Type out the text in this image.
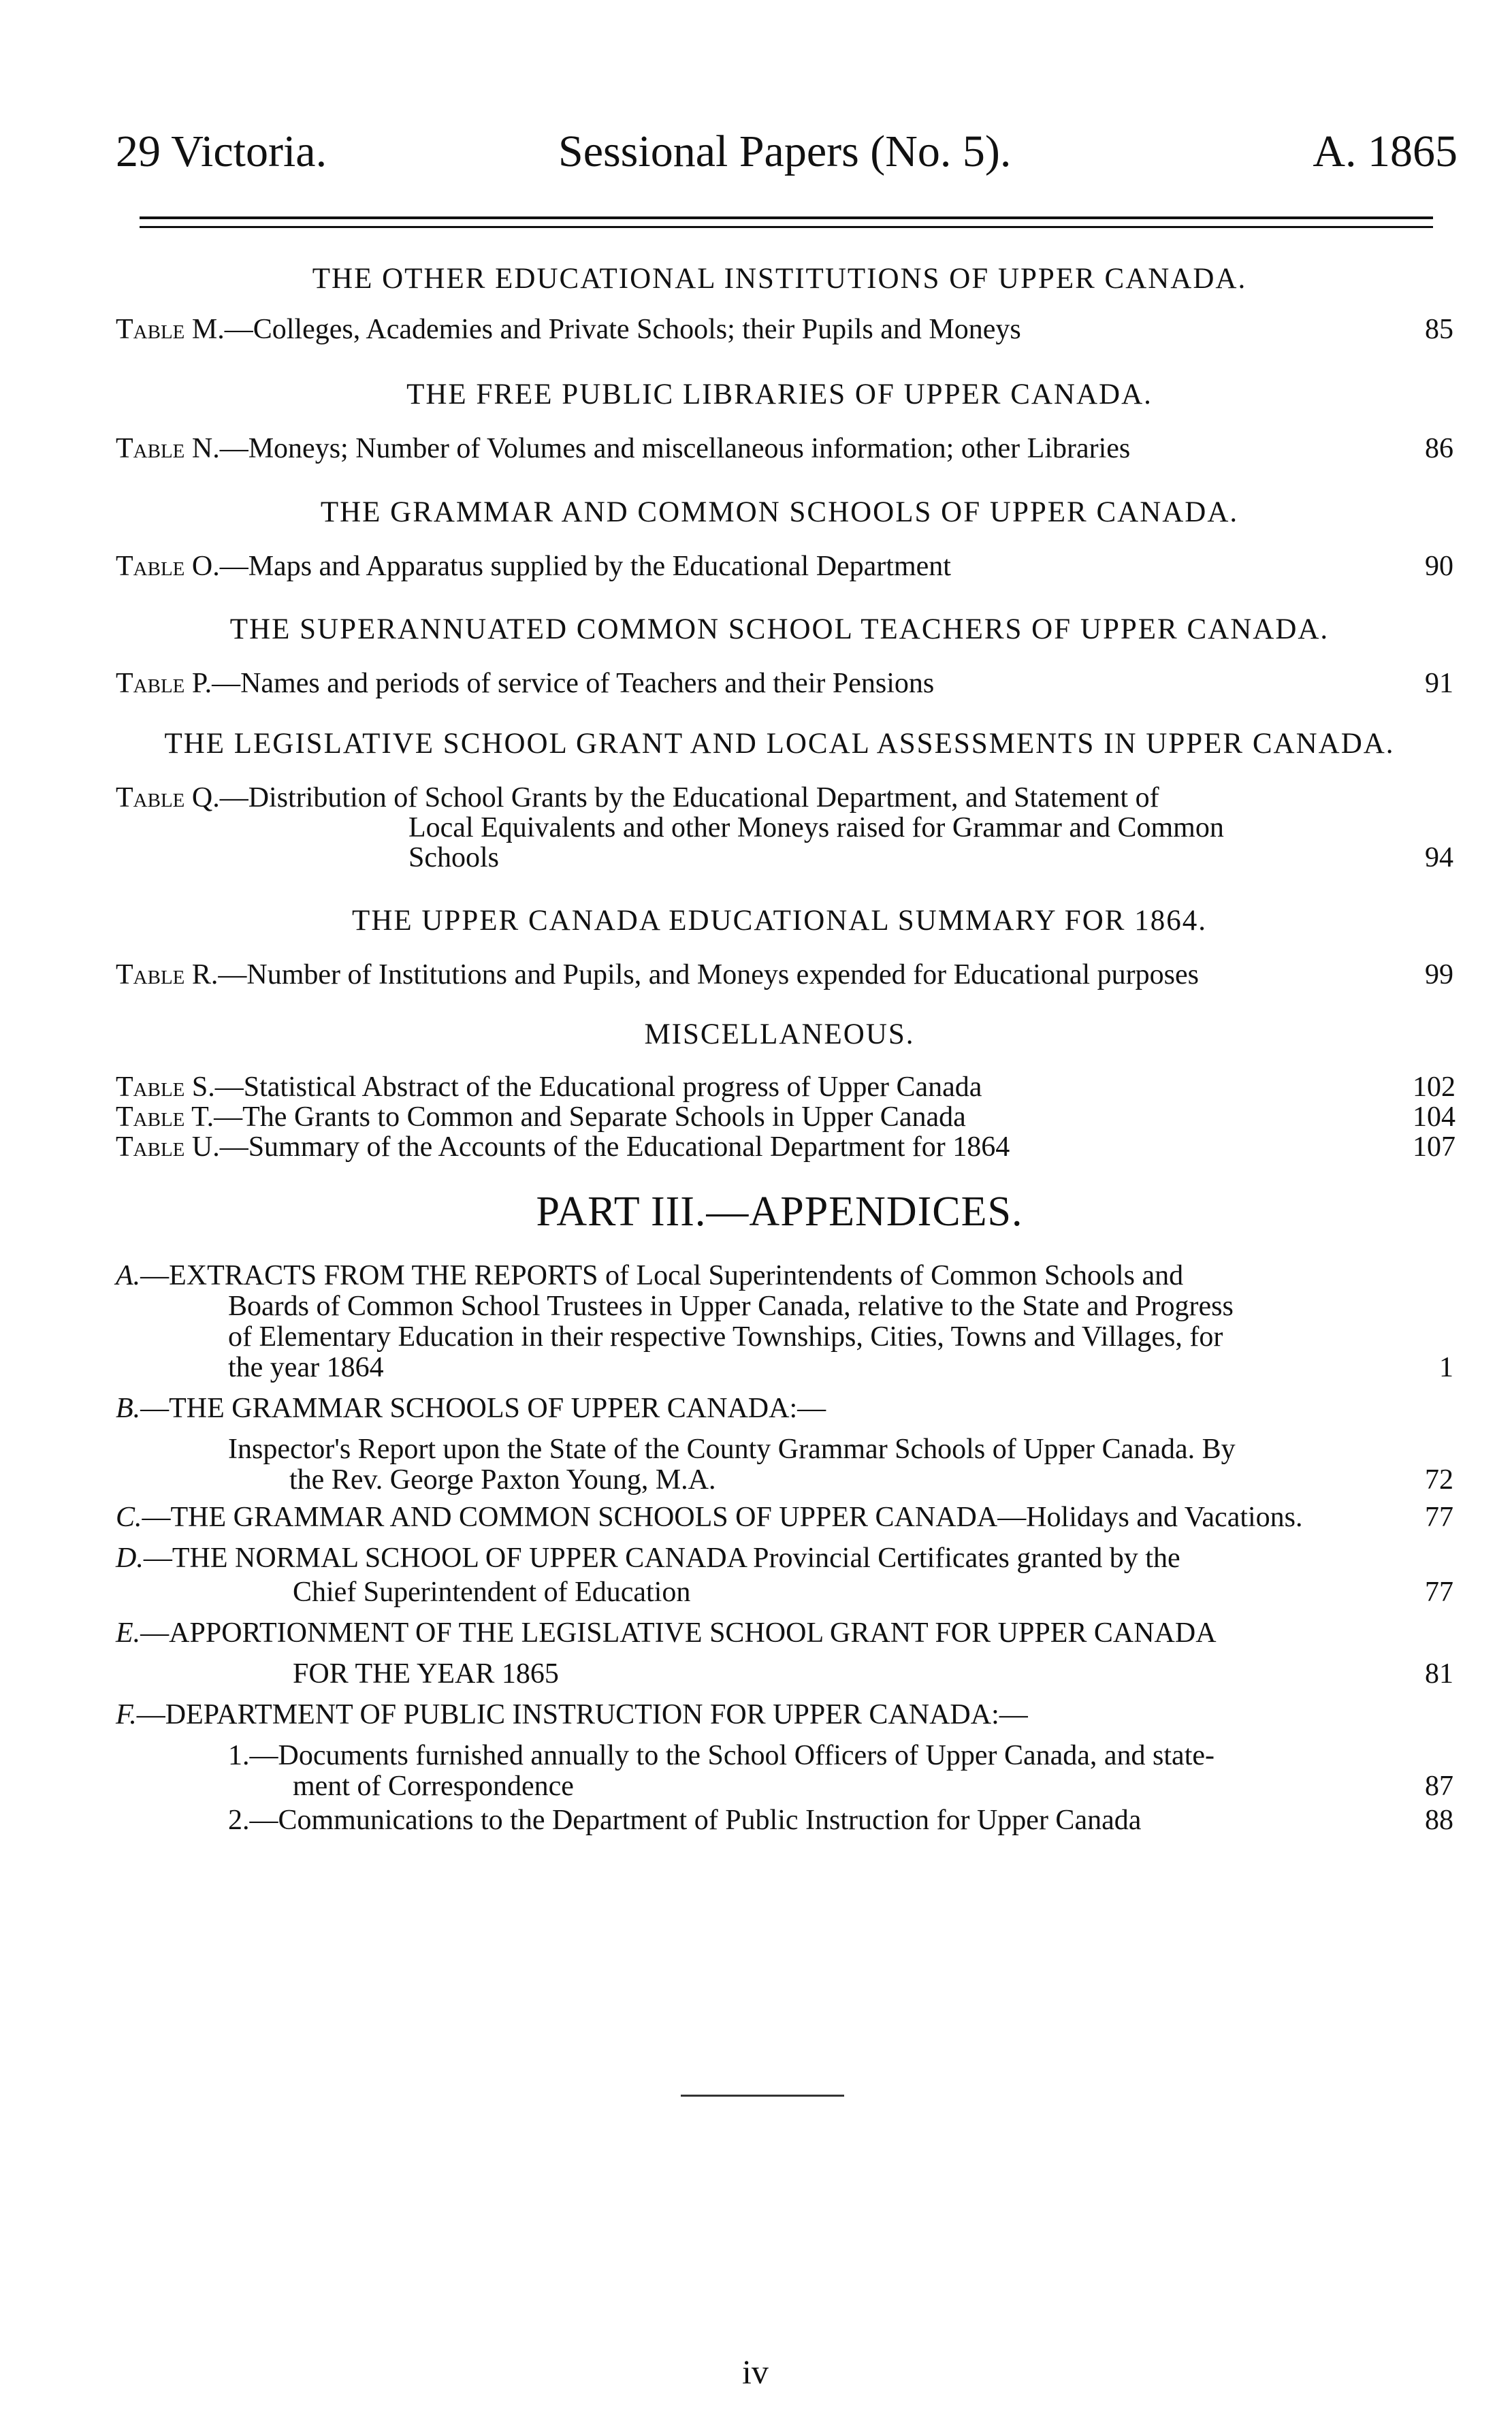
29 Victoria.	Sessional Papers (No. 5).	A. 1865
THE OTHER EDUCATIONAL INSTITUTIONS OF UPPER CANADA.
Table M.—Colleges, Academies and Private Schools; their Pupils and Moneys	85
THE FREE PUBLIC LIBRARIES OF UPPER CANADA.
Table N.—Moneys; Number of Volumes and miscellaneous information; other Libraries	86
THE GRAMMAR AND COMMON SCHOOLS OF UPPER CANADA.
Table O.—Maps and Apparatus supplied by the Educational Department	90
THE SUPERANNUATED COMMON SCHOOL TEACHERS OF UPPER CANADA.
Table P.—Names and periods of service of Teachers and their Pensions	91
THE LEGISLATIVE SCHOOL GRANT AND LOCAL ASSESSMENTS IN UPPER CANADA.
Table Q.—Distribution of School Grants by the Educational Department, and Statement of
Local Equivalents and other Moneys raised for Grammar and Common
Schools	94
THE UPPER CANADA EDUCATIONAL SUMMARY FOR 1864.
Table R.—Number of Institutions and Pupils, and Moneys expended for Educational purposes	99
MISCELLANEOUS.
Table S.—Statistical Abstract of the Educational progress of Upper Canada	102
Table T.—The Grants to Common and Separate Schools in Upper Canada	104
Table U.—Summary of the Accounts of the Educational Department for 1864	107
PART III.—APPENDICES.
A.—EXTRACTS FROM THE REPORTS of Local Superintendents of Common Schools and
Boards of Common School Trustees in Upper Canada, relative to the State and Progress
of Elementary Education in their respective Townships, Cities, Towns and Villages, for
the year 1864	1
B.—THE GRAMMAR SCHOOLS OF UPPER CANADA:—
Inspector's Report upon the State of the County Grammar Schools of Upper Canada. By
the Rev. George Paxton Young, M.A.	72
C.—THE GRAMMAR AND COMMON SCHOOLS OF UPPER CANADA—Holidays and Vacations.	77
D.—THE NORMAL SCHOOL OF UPPER CANADA Provincial Certificates granted by the
Chief Superintendent of Education	77
E.—APPORTIONMENT OF THE LEGISLATIVE SCHOOL GRANT FOR UPPER CANADA
FOR THE YEAR 1865	81
F.—DEPARTMENT OF PUBLIC INSTRUCTION FOR UPPER CANADA:—
1.—Documents furnished annually to the School Officers of Upper Canada, and state-
ment of Correspondence	87
2.—Communications to the Department of Public Instruction for Upper Canada	88
iv
